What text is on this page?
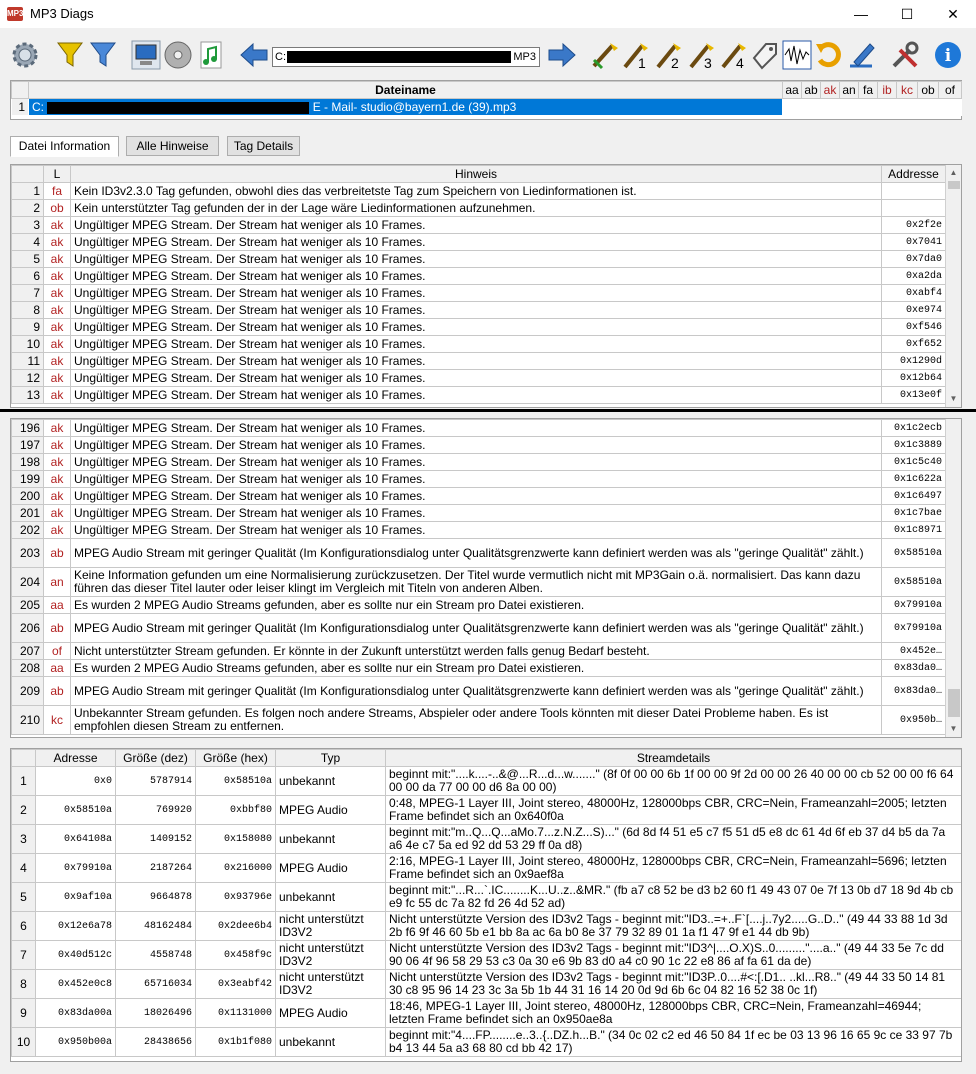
MP3 MP3 Diags	—	☐	✕
1 2 3 4	i
C:	MP3
	Dateiname	aa	ab	ak	an	fa	ib	kc	ob	of
1	C: E - Mail- studio@bayern1.de (39).mp3	•	•	•	•	•		•	•	•
Datei Information	Alle Hinweise	Tag Details
	L	Hinweis	Addresse
1	fa	Kein ID3v2.3.0 Tag gefunden, obwohl dies das verbreitetste Tag zum Speichern von Liedinformationen ist.	
2	ob	Kein unterstützter Tag gefunden der in der Lage wäre Liedinformationen aufzunehmen.	
3	ak	Ungültiger MPEG Stream. Der Stream hat weniger als 10 Frames.	0x2f2e
4	ak	Ungültiger MPEG Stream. Der Stream hat weniger als 10 Frames.	0x7041
5	ak	Ungültiger MPEG Stream. Der Stream hat weniger als 10 Frames.	0x7da0
6	ak	Ungültiger MPEG Stream. Der Stream hat weniger als 10 Frames.	0xa2da
7	ak	Ungültiger MPEG Stream. Der Stream hat weniger als 10 Frames.	0xabf4
8	ak	Ungültiger MPEG Stream. Der Stream hat weniger als 10 Frames.	0xe974
9	ak	Ungültiger MPEG Stream. Der Stream hat weniger als 10 Frames.	0xf546
10	ak	Ungültiger MPEG Stream. Der Stream hat weniger als 10 Frames.	0xf652
11	ak	Ungültiger MPEG Stream. Der Stream hat weniger als 10 Frames.	0x1290d
12	ak	Ungültiger MPEG Stream. Der Stream hat weniger als 10 Frames.	0x12b64
13	ak	Ungültiger MPEG Stream. Der Stream hat weniger als 10 Frames.	0x13e0f
▲
▼
196	ak	Ungültiger MPEG Stream. Der Stream hat weniger als 10 Frames.	0x1c2ecb
197	ak	Ungültiger MPEG Stream. Der Stream hat weniger als 10 Frames.	0x1c3889
198	ak	Ungültiger MPEG Stream. Der Stream hat weniger als 10 Frames.	0x1c5c40
199	ak	Ungültiger MPEG Stream. Der Stream hat weniger als 10 Frames.	0x1c622a
200	ak	Ungültiger MPEG Stream. Der Stream hat weniger als 10 Frames.	0x1c6497
201	ak	Ungültiger MPEG Stream. Der Stream hat weniger als 10 Frames.	0x1c7bae
202	ak	Ungültiger MPEG Stream. Der Stream hat weniger als 10 Frames.	0x1c8971
203	ab	MPEG Audio Stream mit geringer Qualität (Im Konfigurationsdialog unter Qualitätsgrenzwerte kann definiert werden was als "geringe Qualität" zählt.)	0x58510a
204	an	Keine Information gefunden um eine Normalisierung zurückzusetzen. Der Titel wurde vermutlich nicht mit MP3Gain o.ä. normalisiert. Das kann dazu führen das dieser Titel lauter oder leiser klingt im Vergleich mit Titeln von anderen Alben.	0x58510a
205	aa	Es wurden 2 MPEG Audio Streams gefunden, aber es sollte nur ein Stream pro Datei existieren.	0x79910a
206	ab	MPEG Audio Stream mit geringer Qualität (Im Konfigurationsdialog unter Qualitätsgrenzwerte kann definiert werden was als "geringe Qualität" zählt.)	0x79910a
207	of	Nicht unterstützter Stream gefunden. Er könnte in der Zukunft unterstützt werden falls genug Bedarf besteht.	0x452e…
208	aa	Es wurden 2 MPEG Audio Streams gefunden, aber es sollte nur ein Stream pro Datei existieren.	0x83da0…
209	ab	MPEG Audio Stream mit geringer Qualität (Im Konfigurationsdialog unter Qualitätsgrenzwerte kann definiert werden was als "geringe Qualität" zählt.)	0x83da0…
210	kc	Unbekannter Stream gefunden. Es folgen noch andere Streams, Abspieler oder andere Tools könnten mit dieser Datei Probleme haben. Es ist empfohlen diesen Stream zu entfernen.	0x950b…
▼
	Adresse	Größe (dez)	Größe (hex)	Typ	Streamdetails
1	0x0	5787914	0x58510a	unbekannt	beginnt mit:"....k....-..&@...R...d...w......." (8f 0f 00 00 6b 1f 00 00 9f 2d 00 00 26 40 00 00 cb 52 00 00 f6 64 00 00 da 77 00 00 d6 8a 00 00)
2	0x58510a	769920	0xbbf80	MPEG Audio	0:48, MPEG-1 Layer III, Joint stereo, 48000Hz, 128000bps CBR, CRC=Nein, Frameanzahl=2005; letzten Frame befindet sich an 0x640f0a
3	0x64108a	1409152	0x158080	unbekannt	beginnt mit:"m..Q...Q...aMo.7...z.N.Z...S)..." (6d 8d f4 51 e5 c7 f5 51 d5 e8 dc 61 4d 6f eb 37 d4 b5 da 7a a6 4e c7 5a ed 92 dd 53 29 ff 0a d8)
4	0x79910a	2187264	0x216000	MPEG Audio	2:16, MPEG-1 Layer III, Joint stereo, 48000Hz, 128000bps CBR, CRC=Nein, Frameanzahl=5696; letzten Frame befindet sich an 0x9aef8a
5	0x9af10a	9664878	0x93796e	unbekannt	beginnt mit:"...R...`.IC........K...U..z..&MR." (fb a7 c8 52 be d3 b2 60 f1 49 43 07 0e 7f 13 0b d7 18 9d 4b cb e9 fc 55 dc 7a 82 fd 26 4d 52 ad)
6	0x12e6a78	48162484	0x2dee6b4	nicht unterstützt ID3V2	Nicht unterstützte Version des ID3v2 Tags - beginnt mit:"ID3..=+..F`[....j..7y2.....G..D.." (49 44 33 88 1d 3d 2b f6 9f 46 60 5b e1 bb 8a ac 6a b0 8e 37 79 32 89 01 1a f1 47 9f e1 44 db 9b)
7	0x40d512c	4558748	0x458f9c	nicht unterstützt ID3V2	Nicht unterstützte Version des ID3v2 Tags - beginnt mit:"ID3^|....O.X)S..0........."....a.." (49 44 33 5e 7c dd 90 06 4f 96 58 29 53 c3 0a 30 e6 9b 83 d0 a4 c0 90 1c 22 e8 86 af fa 61 da de)
8	0x452e0c8	65716034	0x3eabf42	nicht unterstützt ID3V2	Nicht unterstützte Version des ID3v2 Tags - beginnt mit:"ID3P..0....#<:[.D1.. ..kl...R8.." (49 44 33 50 14 81 30 c8 95 96 14 23 3c 3a 5b 1b 44 31 16 14 20 0d 9d 6b 6c 04 82 16 52 38 0c 1f)
9	0x83da00a	18026496	0x1131000	MPEG Audio	18:46, MPEG-1 Layer III, Joint stereo, 48000Hz, 128000bps CBR, CRC=Nein, Frameanzahl=46944; letzten Frame befindet sich an 0x950ae8a
10	0x950b00a	28438656	0x1b1f080	unbekannt	beginnt mit:"4....FP........e..3..{..DZ.h...B." (34 0c 02 c2 ed 46 50 84 1f ec be 03 13 96 16 65 9c ce 33 97 7b b4 13 44 5a a3 68 80 cd bb 42 17)
